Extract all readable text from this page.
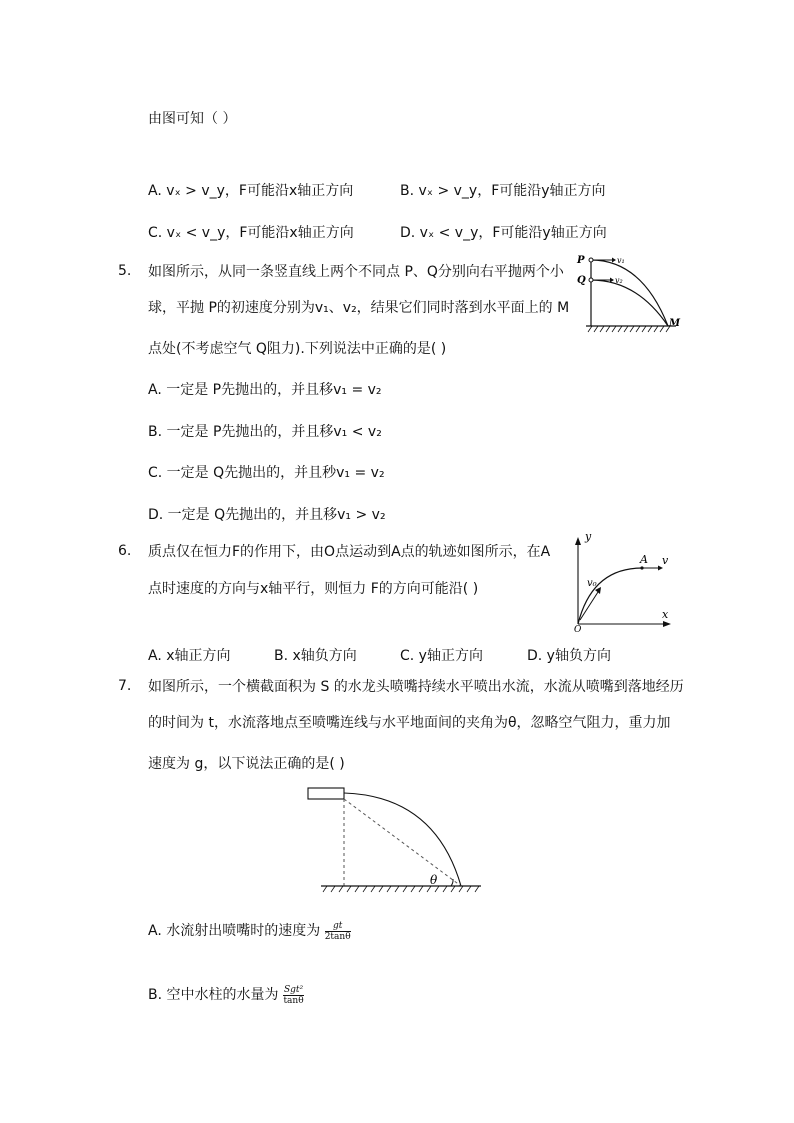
由图可知（ ）
A. vₓ > v_y，F可能沿x轴正方向	B. vₓ > v_y，F可能沿y轴正方向
C. vₓ < v_y，F可能沿x轴正方向	D. vₓ < v_y，F可能沿y轴正方向
5. 如图所示，从同一条竖直线上两个不同点 P、Q分别向右平抛两个小
球，平抛 P的初速度分别为v₁、v₂，结果它们同时落到水平面上的 M
点处(不考虑空气 Q阻力).下列说法中正确的是( )
A. 一定是 P先抛出的，并且移v₁ = v₂
B. 一定是 P先抛出的，并且移v₁ < v₂
C. 一定是 Q先抛出的，并且秒v₁ = v₂
D. 一定是 Q先抛出的，并且移v₁ > v₂
P
Q
v₁
v₂
M
6. 质点仅在恒力F的作用下，由O点运动到A点的轨迹如图所示，在A
点时速度的方向与x轴平行，则恒力 F的方向可能沿( )
A. x轴正方向	B. x轴负方向	C. y轴正方向	D. y轴负方向
y
x
O
A v
v₀
7. 如图所示，一个横截面积为 S 的水龙头喷嘴持续水平喷出水流，水流从喷嘴到落地经历
的时间为 t，水流落地点至喷嘴连线与水平地面间的夹角为θ，忽略空气阻力，重力加
速度为 g，以下说法正确的是( )
θ
A. 水流射出喷嘴时的速度为 $\frac{gt}{2\tan\theta}$
B. 空中水柱的水量为 $\frac{\text{Sgt²}}{\tan\theta}$
